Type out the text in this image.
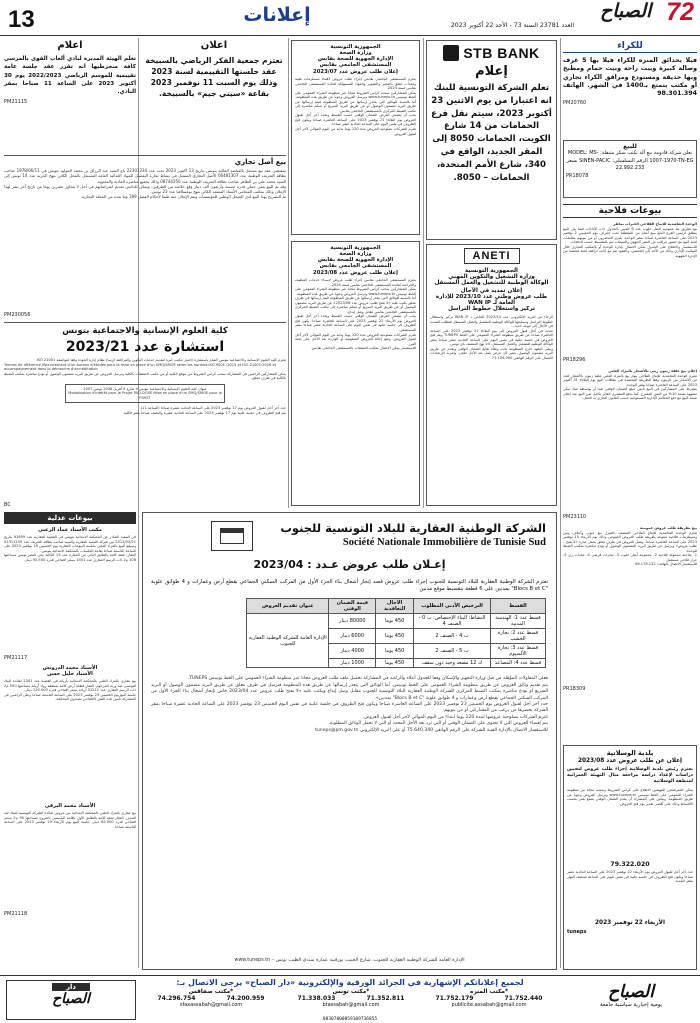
13	إعلانات	العدد 23781 السنة 73 - الأحد 22 أكتوبر 2023	72
الصباح
للكراء
فيلا بحدائق المنزه للكراء فيلا بها 5 غرف وصالة كبيرة وبيت راحة وبيت حمام ومطبخ وبها حديقة ومستودع ومرافق الكراء تجاري أو مكتب يتمتع بـ1400 في الشهر. الهاتف 98.301.394
PM20760
للبيع
تعلن شركة قادومة بيع آلة تكتب سكر متنقلة: MODEL: MS-1007-1970-TN-EG الرقم التسلسلي: SINEN-PACIC بسعر 22.992.233
PR18078
بيوعات فلاحية

الوحدة التعاضدية للإنتاج الفلاحي الخيرات بماطر

بيع بطريق بتة عمومية لأبقار حلوب عدد 6 المبين بالجدول ذات الأداءات فيما يلي البيع ينطلق لرئيس الفرع التابع ببيع أغنام من المقطعة تحت إشراف يوم الخميس 2 نوفمبر 2023 على الساعة العاشرة صباحا بمقر الوحدة. يلتزم الحاضرون أو من ينوبهم بتعليمات لجنة البيع مع حضور مراقب من المقر الجهوي والمبيعات تتم بالتقسيط حسب الدفعات.

للاستفسار والاطلاع على الجدول يمكن الاتصال بإدارة الوحدة أو بالمكتب التجاري خلال التوقيت الإداري وذلك من الأحد إلى الخميس، والعقود تتم مع كاتب ترافقه لجنة مختصة من الإدارة الجهوية.

PR18296

إعلان بيع علفة زيتون زيتي بالأشجار بالمزاد العلني

تعتزم الوحدة التعاضدية للإنتاج الفلاحي بنوار بيع بالمزاد العلني علفة زيتون بالأشجار لعدد من الأشجار من الزيتون وفقا للطريقة المعتمدة في بطاقات البيع يوم الثلاثاء 31 أكتوبر 2023 على الساعة العاشرة صباحا بمقر الوحدة.

يشترط على المشاركين في البيع تأمين مبلغ الضمان الوقتي نقدا أو بواسطة صك بنكي مشهود بقيمة 10% من الثمن المقترح. كما يدفع المشتري الفائز بكامل ثمن البيع عند إعلان نتيجة البيع مع دفع المعاليم الإدارية المستوجبة حسب القانون الجاري به العمل.

PM23110

بيع بطريقة طلب عروض عمومية

تعتزم الوحدة التعاضدية للإنتاج الفلاحي المنصف بالمنزل بيع حبوب وأعلاف وتبن ومستلزمات فلاحية متنوعة بطريقة طلب العروض العمومي وذلك يوم الأربعاء 15 نوفمبر 2023 على الساعة العاشرة صباحا. وتقبل العروض في ظرف مغلق يحمل عبارة «لا يفتح – طلب عروض» ويرسل عن طريق البريد المضمون الوصول أو يودع مباشرة بمكتب الضبط للوحدة.

1- شاحنة محمولة فلاحية 2- مجموعة أبقار حلوب 3- محراث قرصي 4- معدات ري 5- جرار فلاحي مستعمل

للاستفسار الاتصال بالهاتف: 98.178.132

PR18309
بلدية الوسلاتية
إعلان عن طلب عروض عدد 2023/08
يعتزم رئيس بلدية الوسلاتية إجراء طلب عروض لتحيين دراسات لإعداد دراسة مراجعة مثال التهيئة العمرانية لمنطقة الوسلاتية

يمكن للمترشحين المهتمين الاطلاع على كراس الشروط وسحبه مجانا من منظومة الشراء العمومي على الخط تونيبس www.tuneps.tn وترسل العروض وجوبا عن طريق المنظومة. ويتعين على المشارك أن يقدم الضمان الوقتي بمبلغ يقدر بحسب الأقساط وذلك على أقصى تقدير يوم فتح العروض.

79.322.020

حدد آخر أجل لقبول العروض يوم الأربعاء 22 نوفمبر 2023 على الساعة الحادية عشر صباحا ويكون فتح الظروف في جلسة علنية في نفس اليوم على الساعة منتصف النهار بمقر البلدية.

الأربعاء 22 نوفمبر 2023
tuneps
STB BANK
إعلام
تعلم الشركة التونسية للبنك انه اعتبارا من يوم الاثنين 23 أكتوبر 2023، سيتم نقل فرع الحمامات من 14 شارع الكويت، الحمامات 8050 إلى المقر الجديد، الواقع في 340، شارع الأمم المتحدة، الحمامات – 8050.
ANETI
الجمهورية التونسية
وزارة التشغيل والتكوين المهني
الوكالة الوطنية للتشغيل والعمل المستقل
إعلان تمديد في الآجال
طلب عروض وطني عدد 2023/10 للإدارة العامة لـ WAN IP
تركيز واستغلال خطوط التراسل

الرجاء من البريد الإلكتروني عدد 2023/10 الخاص بـ WAN IP تركيز واستغلال خطوط التراسل وتسليمها للوكالة الوطنية للتشغيل والعمل المستقل فيطلب التمديد في الآجال إلى موعد جديد...

تمديد في آجال قبول العروض إلى يوم الثلاثاء 21 نوفمبر 2023 على الساعة العاشرة صباحا عن طريق منظومة الشراء العمومي على الخط TUNEPS ويتم فتح العروض في جلسة علنية في نفس اليوم على الساعة الحادية عشر صباحا بمقر الوكالة الوطنية للتشغيل والعمل المستقل، 24 نهج المنصف باي تونس.

ويبقى التعهد خارج المنظومة تحت وطأة طابع الضمان الوقتي ويقدم عن طريق البريد مضمون الوصول. يعتبر كل عرض يصل بعد الأجل ملغى. ولمزيد الإرشادات الاتصال على الرقم الهاتفي 71.104.000

الجمهورية التونسية
وزارة الصحة
الإدارة الجهوية للصحة بقابس
المستشفى الجامعي بقابس
إعلان طلب عروض عدد 2023/07

يعتزم المستشفى الجامعي بقابس إجراء طلب عروض لاقتناء مستلزمات طبية ومعدات تتعلق بالمخبر والتصوير والمواد المستهلكة لفائدة المستشفى الجامعي بقابس لسنة 2024.

يمكن للمشاركين سحب كراس الشروط مجانا عبر منظومة الشراء العمومي على الخط تونيبس www.tuneps.tn وترسل العروض وجوبا عن طريق هذه المنظومة. أما بالنسبة للوثائق التي يتعذر إرسالها عن طريق المنظومة فيتم إرسالها عن طريق البريد مضمون الوصول أو عن طريق البريد السريع أو تسلم مباشرة إلى مكتب الضبط المركزي بالمستشفى الجامعي بقابس.

يجب أن يتضمن العرض الضمان الوقتي حسب القسط وتحدد آخر أجل لقبول العروض يوم الثلاثاء 21 نوفمبر 2023 على الساعة العاشرة صباحا ويكون فتح الظروف في نفس اليوم على الساعة الحادية عشر صباحا.

تلتزم الشركات بصلوحية العروض مدة 120 يوما بداية من اليوم الموالي لآخر أجل لقبول العروض.

الجمهورية التونسية
وزارة الصحة
الإدارة الجهوية للصحة بقابس
المستشفى الجامعي بقابس
إعلان طلب عروض عدد 2023/08

يعتزم المستشفى الجامعي بقابس إجراء طلب عروض لإسداء خدمات التنظيف والحراسة لفائدة المستشفى الجامعي بقابس لسنة 2024.

يمكن للمشاركين سحب كراس الشروط مجانا عبر منظومة الشراء العمومي على الخط تونيبس www.tuneps.tn وترسل العروض وجوبا عن طريق هذه المنظومة.

أما بالنسبة للوثائق التي يتعذر إرسالها عن طريق المنظومة فيتم إرسالها في ظرف مغلق يكتب عليه «لا يفتح طلب عروض عدد 2023/08» عن طريق البريد مضمون الوصول أو عن طريق البريد السريع أو تسلم مباشرة إلى مكتب الضبط المركزي بالمستشفى الجامعي بقابس مقابل وصل إيداع.

يجب أن يتضمن العرض الضمان الوقتي حسب القسط ويحدد آخر أجل لقبول العروض يوم الأربعاء 22 نوفمبر 2023 على الساعة العاشرة صباحا. يكون فتح الظروف في جلسة علنية في نفس اليوم على الساعة الحادية عشر صباحا بمقر المستشفى.

تلتزم الشركات بصلوحية العروض مدة 120 يوما بداية من اليوم الموالي لآخر أجل لقبول العروض. وتقع إحالة العروض المنقوصة أو الواردة بعد الأجل على لجنة الفرز.

للاستفسار يمكن الاتصال بمكتب الصفقات بالمستشفى الجامعي بقابس.

الشركة الوطنية العقارية للبلاد التونسية للجنوب
Société Nationale Immobilière de Tunisie Sud
إعـلان طلب عروض عـدد : 2023/04
تعتزم الشركة الوطنية العقارية للبلاد التونسية للجنوب إجراء طلب عروض قصد إنجاز أشغال بناء الجزء الأول من المركب السكني الجماعي بقطع أرض وعمارات و 4 طوابق علوية "Blocs B et C" بمدنين على 6 قطعة بتقسيط موقع مدنين
القسط	الترخيص الأدنى المطلوب	الآجال التعاقدية	قيمة الضمان الوقتي	عنوان تقديم العروض
قسط عدد 1: الهندسة المدنية	النشاط: البناء الإختصاص: ب 0 - الصنف 4	450 يوما	80000 دينار	الإدارة العامة للشركة الوطنية العقارية للجنوب
قسط عدد 2: نجارة الخشب	ب 4 - الصنف 2	450 يوما	6000 دينار	
قسط عدد 3: نجارة الألمنيوم	ب 5 - الصنف 2	450 يوما	4000 دينار	
قسط عدد 4: المصاعد	ك 12 مصعد وحيد دون سقف	450 يوما	1000 دينار	

فعلى المقاولات المؤهلة من قبل وزارة التجهيز والإسكان وفقا للجدول أعلاه والراغبة في المشاركة تحميل ملف طلب العروض مجانا عبر منظومة الشراء العمومي على الخط تونيبس TUNEPS.

يتم تقديم وثائق العروض عن طريق منظومة الشراء العمومي على الخط تونيبس. أما الوثائق التي يتعذر إرسالها عن طريق هذه المنظومة فترسل في ظرف مغلق عن طريق البريد مضمون الوصول أو البريد السريع أو تودع مباشرة بمكتب الضبط المركزي للشركة الوطنية العقارية للبلاد التونسية للجنوب مقابل وصل إيداع ويكتب عليه «لا يفتح طلب عروض عدد 2023/04 خاص بإنجاز أشغال بناء الجزء الأول من المركب السكني الجماعي بقطع أرض وعمارات و 4 طوابق علوية "Blocs B et C" بمدنين».

حدد آخر أجل لقبول العروض يوم الخميس 23 نوفمبر 2023 على الساعة العاشرة صباحا ويكون فتح الظروف في جلسة علنية في نفس اليوم الخميس 23 نوفمبر 2023 على الساعة الحادية عشرة صباحا بمقر الشركة يحضرها من يرغب من المشاركين أو من ينوبهم.

تلتزم الشركات بصلوحية عروضها لمدة 120 يوما ابتداء من اليوم الموالي لآخر أجل لقبول العروض.

يتم إقصاء العروض التي لا تحتوي على الضمان الوقتي أو التي ترد بعد الأجل المحدد أو التي لا تحمل الوثائق المطلوبة.

للاستفسار الاتصال بالإدارة الفنية للشركة على الرقم الهاتفي 75.640.340 أو على البريد الإلكتروني tuneps@pm.gov.tn

الإدارة العامة للشركة الوطنية العقارية للجنوب، شارع الحبيب بورقيبة عمارة سيدي الطيب تونس – www.tuneps.tn
اعلان
تعتزم جمعية الفكر الرياضي بالسبيخة عقد جلستها التقييمية لسنة 2023 وذلك يوم السبت 11 نوفمبر 2023 بقاعة «سيتي جيم» بالسبيخة.
اعلام
تعلم الهيئة المديرة لنادي ألعاب القوى بالمرسى كافة منخرطيها انه تقرر عقد جلسة عامة تقييمية للموسم الرياضي 2022/2023 يوم 30 أكتوبر 2023 على الساعة 11 صباحا بمقر النادي.
PM21115
بيع أصل تجاري

بمقتضى عقد بيع مسجل بالقباضة المالية بتونس بتاريخ 13 أكتوبر 2023 تحت عدد 22301234 باع السيد عبد الرزاق بن محمد المولود بتونس في 1978/06/11 صاحب بطاقة التعريف الوطنية عدد 06481307 الأصل التجاري المتمثل في نشاط تجارة التفصيل للمواد الغذائية العامة المستغل بالمحل الكائن بنهج الحرية عدد 14 تونس إلى السيد محمد علي بن الطاهر صاحب بطاقة التعريف الوطنية عدد 08744350 وذلك بجميع عناصره المادية والمعنوية.

وقد تم البيع بثمن جملي قدره خمسة وأربعون ألف دينار وقع خلاصه بين الطرفين. ويمكن للدائنين تقديم اعتراضاتهم في أجل لا يتجاوز عشرين يوما من تاريخ آخر نشر لهذا الإعلان وذلك بمكتب المحامي الأستاذ المعتمد الكائن بنهج يوغسلافيا عدد 23 تونس.

تم التصريح بهذا البيع لدى السجل الوطني للمؤسسات ويتم الإعلان عنه طبقا لأحكام الفصل 189 وما بعده من المجلة التجارية.

PM230056
كلية العلوم الإنسانية والاجتماعية بتونس
استشارة عدد 2023/21

تعتزم كلية العلوم الإنسانية والاجتماعية بتونس القيام باستشارة لاختيار مكتب خبرة لتقديم خدمات التكوين والمرافقة لإرساء نظام إدارة الجودة وفقا لمواصفة ISO 21001.

Termes de référence /Recrutement d'un bureau d'études pour la mise en place d'un SMQ/SMOE selon les normes ISO 9001 :2015 et ISO 21001:2018 et accompagnement dans la démarche d'accréditation

يمكن للمشاركين الراغبين في المشاركة سحب كراس الشروط من موقع الكلية أو من مكتب الصفقات بالكلية وترسل العروض عن طريق البريد مضمون الوصول أو تودع مباشرة بمكتب الضبط بالكلية في ظرف مغلق.

عنوان كلية العلوم الإنسانية والاجتماعية بتونس 9 شارع 9 أفريل 1938 تونس 1007
Modalisation d'intérêt pour le Projet PAQ-DGSE Mise en place d'un SMQ/SMOE pour la FSHST

حدد آخر أجل لقبول العروض يوم 17 نوفمبر 2023 على الساعة الحادية عشرة صباحا (الساعة 11).

يتم فتح الظروف في جلسة علنية يوم 17 نوفمبر 2023 على الساعة الحادية عشرة والنصف صباحا بمقر الكلية.

BC
بيوعات عدلية
مكتب الأستاذ عماد الزغبي

في التنفيذ الصادر عن المحكمة الابتدائية بتونس في القضية العقارية عدد 91659 بتاريخ 2013/03/21 بين شركة التنمية العقارية والسيد صاحب بطاقة التعريف عدد 01311155 وسيقع البيع بالمزاد العلني بجلسة البيوعات العقارية يوم الخميس 16 نوفمبر 2023 على الساعة التاسعة صباحا بقاعة الجلسات بالمحكمة الابتدائية بتونس.

العقار: شقة كائنة بالطابق الثاني من العمارة عدد 13 الكائنة بحي النصر تونس مساحتها 106 م2 ذات الرسم العقاري عدد 1451 بسعر افتتاحي قدره 92.500 دينار.

PM21117
الأستاذ محمد الدرويش
الأستاذ خليل حسن

بيع عقاري بالمزاد العلني بالمحكمة الابتدائية بأريانة في القضية عدد 2341 لفائدة البنك التونسي ضد ورثة المرحوم. العقار قطعة أرض كائنة بمنطقة رواد أريانة مساحتها 500 م2 ذات الرسم العقاري عدد 31211 أريانة بسعر افتتاحي قدره 120.000 دينار.

جلسة البيع يوم الخميس 23 نوفمبر 2023 على الساعة التاسعة صباحا وعلى الراغبين في المشاركة تأمين ثلث الثمن الافتتاحي بصندوق المحكمة.

الأستاذ محمد البرقي

بيع عقاري بالمزاد العلني بالمحكمة الابتدائية ببن عروس لفائدة الشركة التونسية للبنك ضد المدين. العقار شقة كائنة بالطابق الأول بإقامة الياسمين بالمروج مساحتها 95 م2 بسعر افتتاحي قدره 85.000 دينار. جلسة البيع يوم الأربعاء 29 نوفمبر 2023 على الساعة التاسعة صباحا.

PM21118
لجميع إعلاناتكم الإشهارية في الجرائد الورقية والإلكترونية «دار الصباح» يرجى الاتصال بـ:
*مكتب المنزه
71.752.179	71.752.440
publicite.assabah@gmail.com
*مكتب تونس
71.338.033	71.352.811
btassabah@gmail.com
*مكتب صفاقس
74.296.754	74.200.959
sfaxassabah@gmail.com
08307000059109736855
الصباح
يومية إخبارية سياسية جامعة
دار
الصباح
